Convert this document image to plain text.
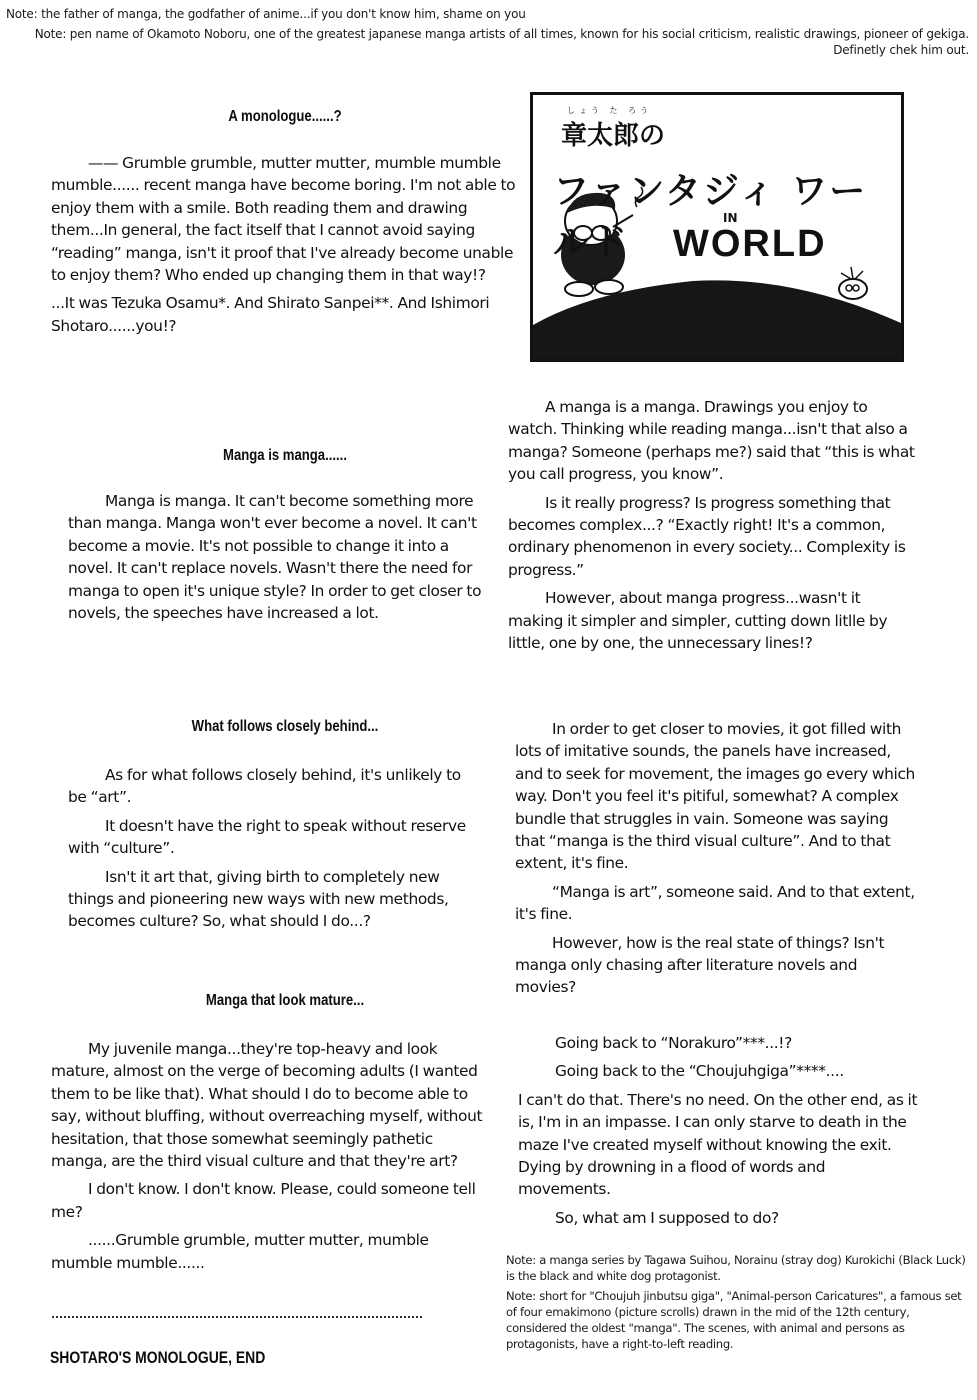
Note: the father of manga, the godfather of anime...if you don't know him, shame on you
Note: pen name of Okamoto Noboru, one of the greatest japanese manga artists of all times, known for his social criticism, realistic drawings, pioneer of gekiga. Definetly chek him out.
A monologue......?

—— Grumble grumble, mutter mutter, mumble mumble mumble...... recent manga have become boring. I'm not able to enjoy them with a smile. Both reading them and drawing them...In general, the fact itself that I cannot avoid saying “reading” manga, isn't it proof that I've already become unable to enjoy them? Who ended up changing them in that way!?

...It was Tezuka Osamu*. And Shirato Sanpei**. And Ishimori Shotaro......you!?

しょう た ろう
章太郎の
ファンタジィ ワールド
IN
WORLD

A manga is a manga. Drawings you enjoy to watch. Thinking while reading manga...isn't that also a manga? Someone (perhaps me?) said that “this is what you call progress, you know”.

Is it really progress? Is progress something that becomes complex...? “Exactly right! It's a common, ordinary phenomenon in every society... Complexity is progress.”

However, about manga progress...wasn't it making it simpler and simpler, cutting down litlle by little, one by one, the unnecessary lines!?

Manga is manga......

Manga is manga. It can't become something more than manga. Manga won't ever become a novel. It can't become a movie. It's not possible to change it into a novel. It can't replace novels. Wasn't there the need for manga to open it's unique style? In order to get closer to novels, the speeches have increased a lot.

What follows closely behind...

As for what follows closely behind, it's unlikely to be “art”.

It doesn't have the right to speak without reserve with “culture”.

Isn't it art that, giving birth to completely new things and pioneering new ways with new methods, becomes culture? So, what should I do...?

In order to get closer to movies, it got filled with lots of imitative sounds, the panels have increased, and to seek for movement, the images go every which way. Don't you feel it's pitiful, somewhat? A complex bundle that struggles in vain. Someone was saying that “manga is the third visual culture”. And to that extent, it's fine.

“Manga is art”, someone said. And to that extent, it's fine.

However, how is the real state of things? Isn't manga only chasing after literature novels and movies?

Manga that look mature...

My juvenile manga...they're top-heavy and look mature, almost on the verge of becoming adults (I wanted them to be like that). What should I do to become able to say, without bluffing, without overreaching myself, without hesitation, that those somewhat seemingly pathetic manga, are the third visual culture and that they're art?

I don't know. I don't know. Please, could someone tell me?

......Grumble grumble, mutter mutter, mumble mumble mumble......

Going back to “Norakuro”***...!?

Going back to the “Choujuhgiga”****....

I can't do that. There's no need. On the other end, as it is, I'm in an impasse. I can only starve to death in the maze I've created myself without knowing the exit. Dying by drowning in a flood of words and movements.

So, what am I supposed to do?

SHOTARO'S MONOLOGUE, END

Note: a manga series by Tagawa Suihou, Norainu (stray dog) Kurokichi (Black Luck) is the black and white dog protagonist.

Note: short for "Choujuh jinbutsu giga", "Animal-person Caricatures", a famous set of four emakimono (picture scrolls) drawn in the mid of the 12th century, considered the oldest "manga". The scenes, with animal and persons as protagonists, have a right-to-left reading.
